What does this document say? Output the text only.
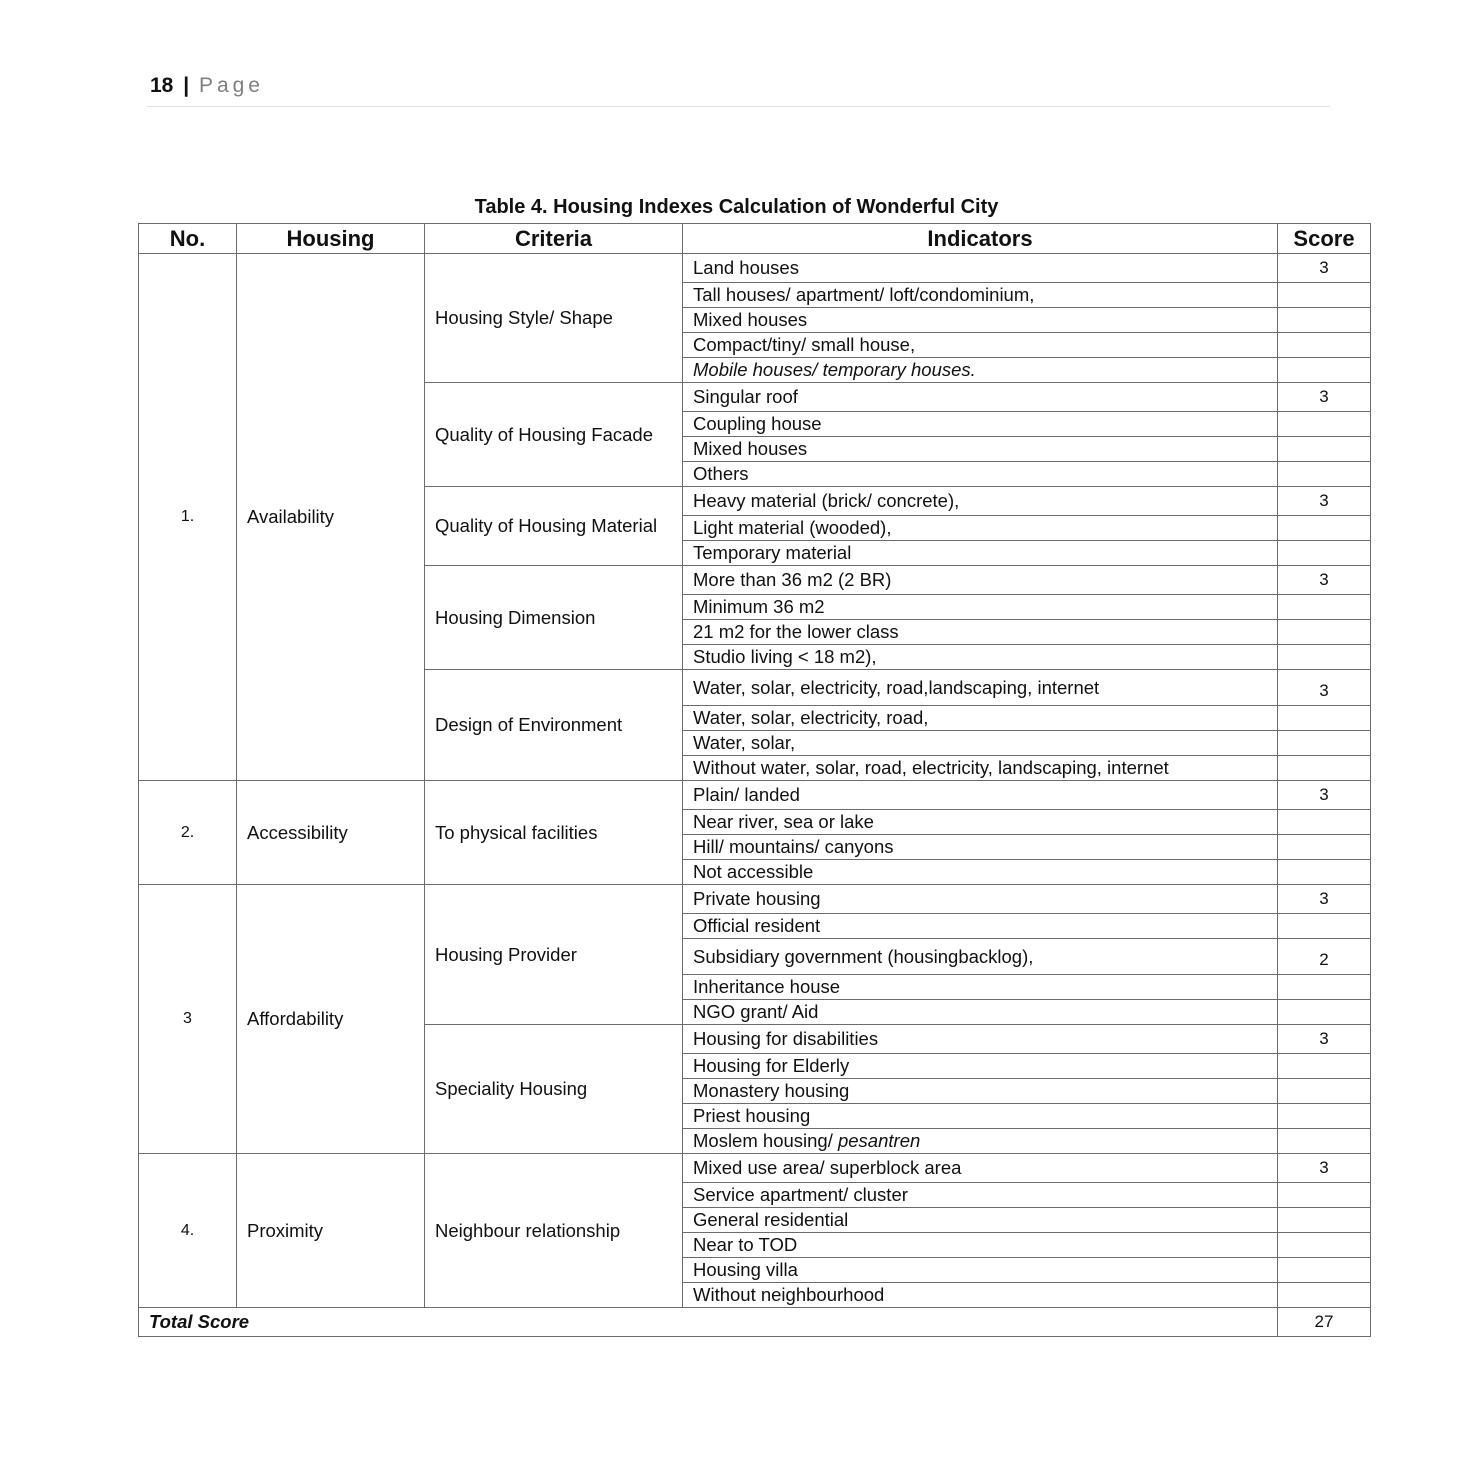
18 | Page
Table 4. Housing Indexes Calculation of Wonderful City
No.	Housing	Criteria	Indicators	Score
1.	Availability	Housing Style/ Shape	Land houses	3
			Tall houses/ apartment/ loft/condominium,	
			Mixed houses	
			Compact/tiny/ small house,	
			Mobile houses/ temporary houses.	
		Quality of Housing Facade	Singular roof	3
			Coupling house	
			Mixed houses	
			Others	
		Quality of Housing Material	Heavy material (brick/ concrete),	3
			Light material (wooded),	
			Temporary material	
		Housing Dimension	More than 36 m2 (2 BR)	3
			Minimum 36 m2	
			21 m2 for the lower class	
			Studio living < 18 m2),	
		Design of Environment	Water, solar, electricity, road,landscaping, internet	3
			Water, solar, electricity, road,	
			Water, solar,	
			Without water, solar, road, electricity, landscaping, internet	
2.	Accessibility	To physical facilities	Plain/ landed	3
			Near river, sea or lake	
			Hill/ mountains/ canyons	
			Not accessible	
3	Affordability	Housing Provider	Private housing	3
			Official resident	
			Subsidiary government (housingbacklog),	2
			Inheritance house	
			NGO grant/ Aid	
		Speciality Housing	Housing for disabilities	3
			Housing for Elderly	
			Monastery housing	
			Priest housing	
			Moslem housing/ pesantren	
4.	Proximity	Neighbour relationship	Mixed use area/ superblock area	3
			Service apartment/ cluster	
			General residential	
			Near to TOD	
			Housing villa	
			Without neighbourhood	
Total Score				27
